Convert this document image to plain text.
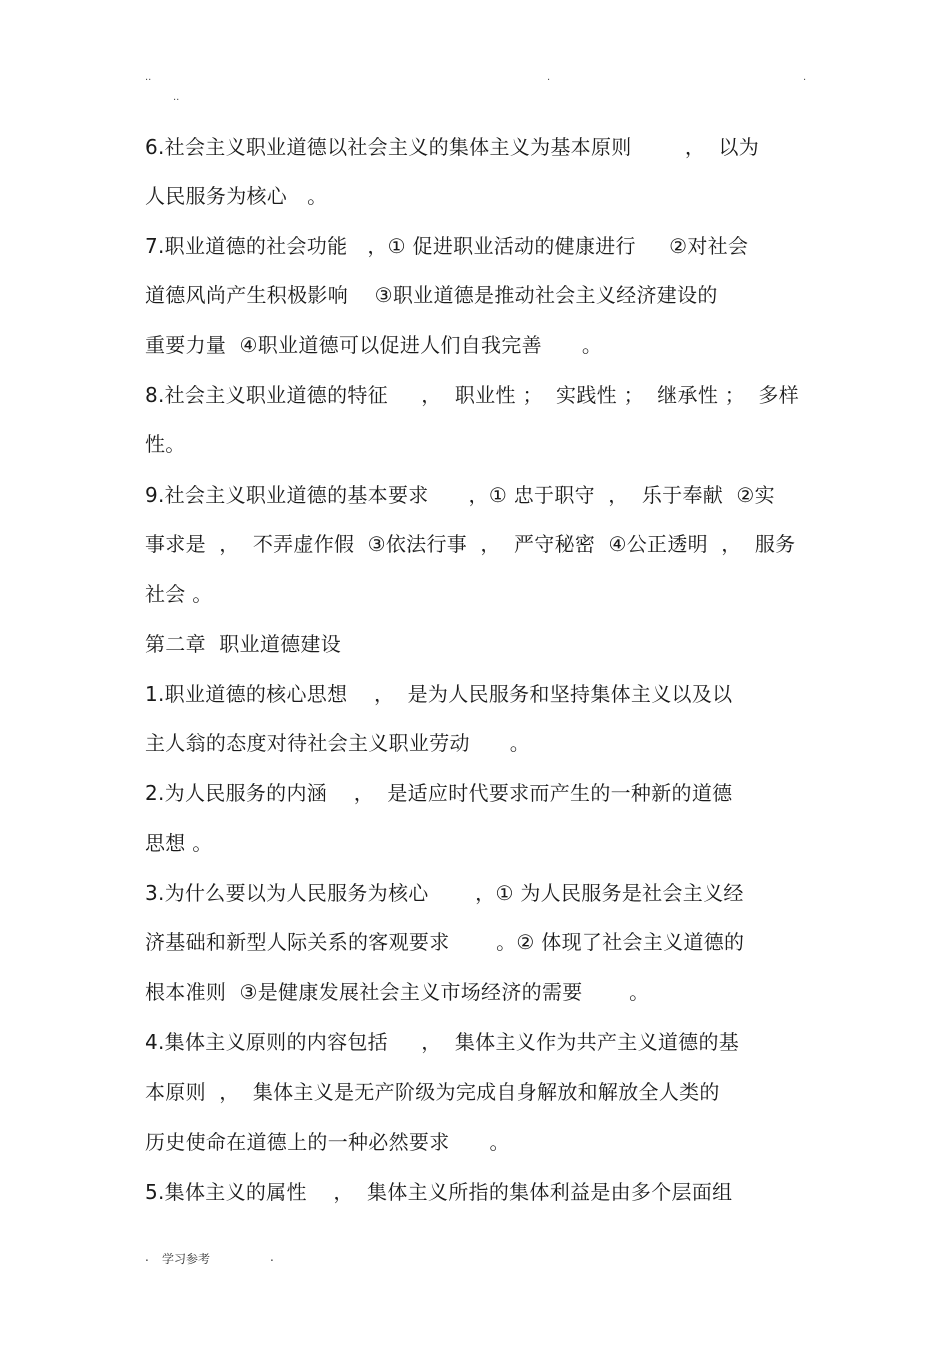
..
..
.	.
6.社会主义职业道德以社会主义的集体主义为基本原则        ，  以为
人民服务为核心   。
7.职业道德的社会功能   ，① 促进职业活动的健康进行     ②对社会
道德风尚产生积极影响    ③职业道德是推动社会主义经济建设的
重要力量  ④职业道德可以促进人们自我完善      。
8.社会主义职业道德的特征     ，  职业性 ；  实践性 ；  继承性 ；  多样
性。
9.社会主义职业道德的基本要求      ，① 忠于职守  ，  乐于奉献  ②实
事求是  ，  不弄虚作假  ③依法行事  ，  严守秘密  ④公正透明  ，  服务
社会 。
第二章  职业道德建设
1.职业道德的核心思想    ，  是为人民服务和坚持集体主义以及以
主人翁的态度对待社会主义职业劳动      。
2.为人民服务的内涵    ，  是适应时代要求而产生的一种新的道德
思想 。
3.为什么要以为人民服务为核心       ，① 为人民服务是社会主义经
济基础和新型人际关系的客观要求       。② 体现了社会主义道德的
根本准则  ③是健康发展社会主义市场经济的需要       。
4.集体主义原则的内容包括     ，  集体主义作为共产主义道德的基
本原则  ，  集体主义是无产阶级为完成自身解放和解放全人类的
历史使命在道德上的一种必然要求      。
5.集体主义的属性    ，  集体主义所指的集体利益是由多个层面组
. 学习参考	.
